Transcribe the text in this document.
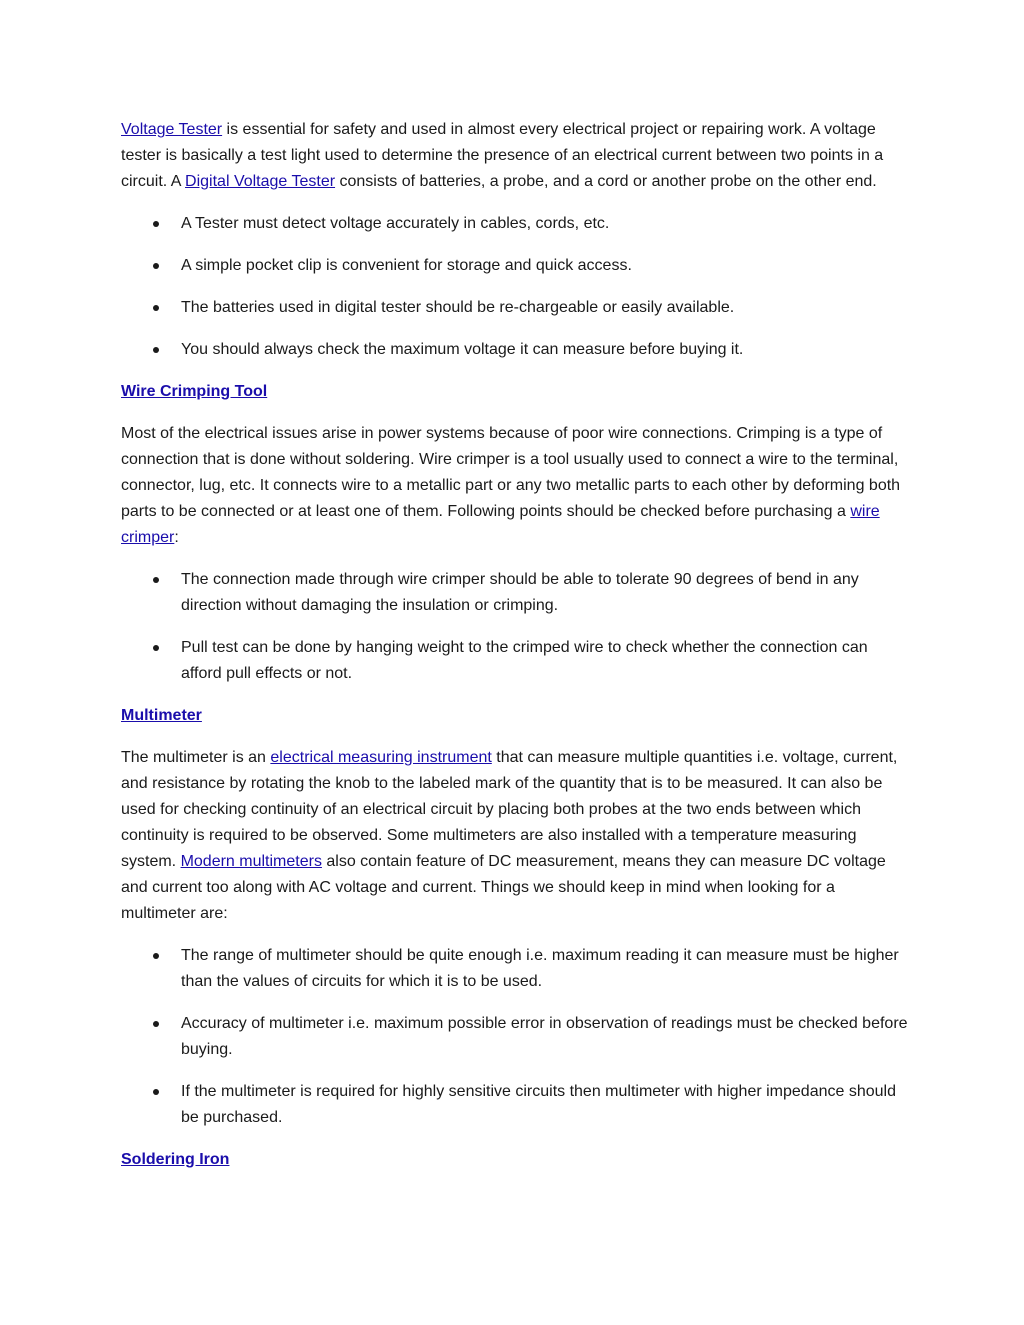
Voltage Tester is essential for safety and used in almost every electrical project or repairing work. A voltage tester is basically a test light used to determine the presence of an electrical current between two points in a circuit. A Digital Voltage Tester consists of batteries, a probe, and a cord or another probe on the other end.

A Tester must detect voltage accurately in cables, cords, etc.
A simple pocket clip is convenient for storage and quick access.
The batteries used in digital tester should be re-chargeable or easily available.
You should always check the maximum voltage it can measure before buying it.
Wire Crimping Tool

Most of the electrical issues arise in power systems because of poor wire connections. Crimping is a type of connection that is done without soldering. Wire crimper is a tool usually used to connect a wire to the terminal, connector, lug, etc. It connects wire to a metallic part or any two metallic parts to each other by deforming both parts to be connected or at least one of them. Following points should be checked before purchasing a wire crimper:

The connection made through wire crimper should be able to tolerate 90 degrees of bend in any direction without damaging the insulation or crimping.
Pull test can be done by hanging weight to the crimped wire to check whether the connection can afford pull effects or not.
Multimeter

The multimeter is an electrical measuring instrument that can measure multiple quantities i.e. voltage, current, and resistance by rotating the knob to the labeled mark of the quantity that is to be measured. It can also be used for checking continuity of an electrical circuit by placing both probes at the two ends between which continuity is required to be observed. Some multimeters are also installed with a temperature measuring system. Modern multimeters also contain feature of DC measurement, means they can measure DC voltage and current too along with AC voltage and current. Things we should keep in mind when looking for a multimeter are:

The range of multimeter should be quite enough i.e. maximum reading it can measure must be higher than the values of circuits for which it is to be used.
Accuracy of multimeter i.e. maximum possible error in observation of readings must be checked before buying.
If the multimeter is required for highly sensitive circuits then multimeter with higher impedance should be purchased.
Soldering Iron
